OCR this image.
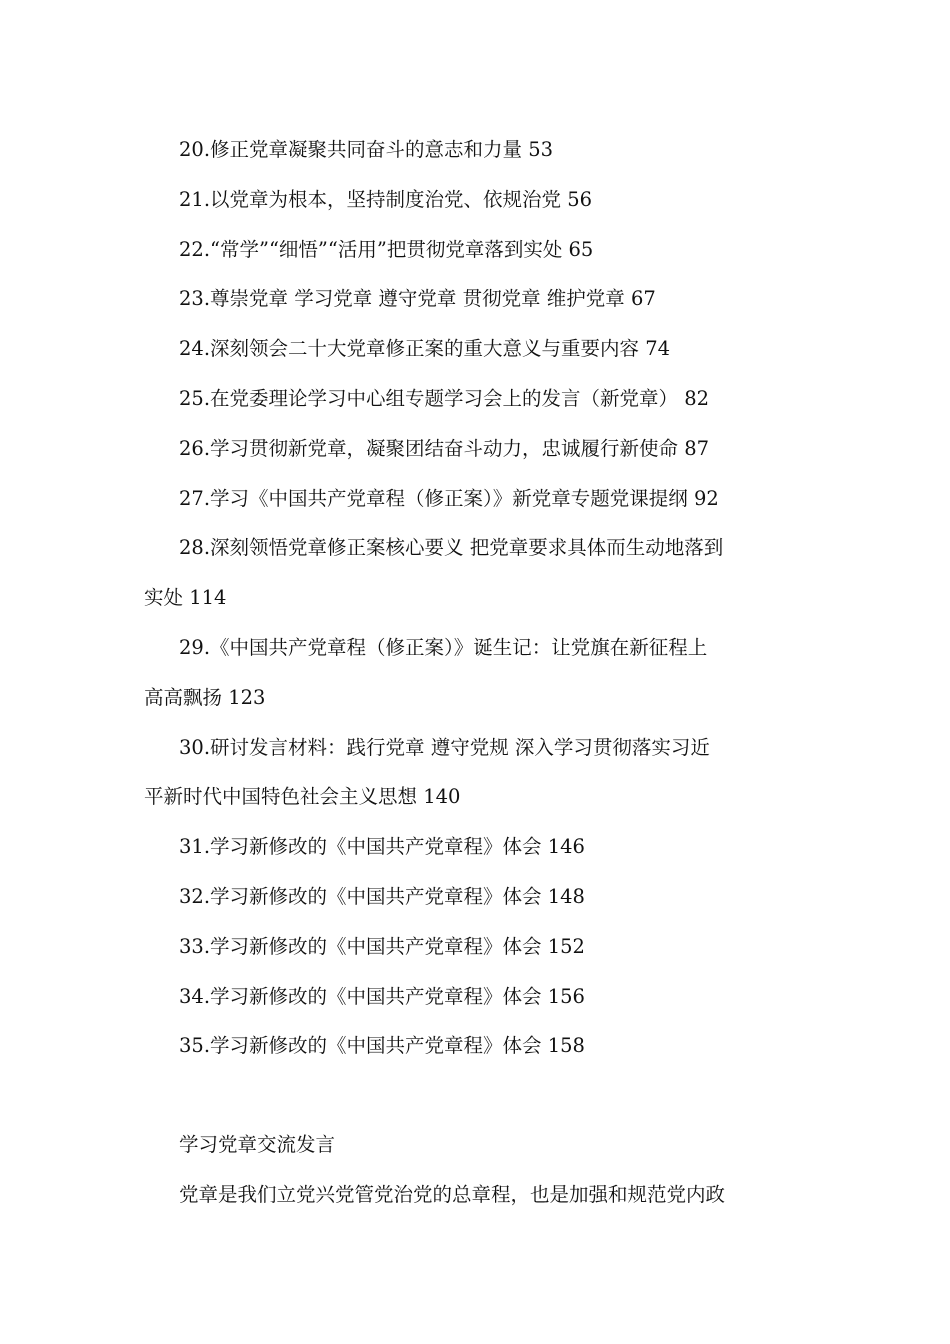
20.修正党章凝聚共同奋斗的意志和力量 53
21.以党章为根本，坚持制度治党、依规治党 56
22.“常学”“细悟”“活用”把贯彻党章落到实处 65
23.尊崇党章 学习党章 遵守党章 贯彻党章 维护党章 67
24.深刻领会二十大党章修正案的重大意义与重要内容 74
25.在党委理论学习中心组专题学习会上的发言（新党章） 82
26.学习贯彻新党章，凝聚团结奋斗动力，忠诚履行新使命 87
27.学习《中国共产党章程（修正案）》新党章专题党课提纲 92
28.深刻领悟党章修正案核心要义 把党章要求具体而生动地落到
实处 114
29.《中国共产党章程（修正案）》诞生记：让党旗在新征程上
高高飘扬 123
30.研讨发言材料：践行党章 遵守党规 深入学习贯彻落实习近
平新时代中国特色社会主义思想 140
31.学习新修改的《中国共产党章程》体会 146
32.学习新修改的《中国共产党章程》体会 148
33.学习新修改的《中国共产党章程》体会 152
34.学习新修改的《中国共产党章程》体会 156
35.学习新修改的《中国共产党章程》体会 158
学习党章交流发言
党章是我们立党兴党管党治党的总章程，也是加强和规范党内政
